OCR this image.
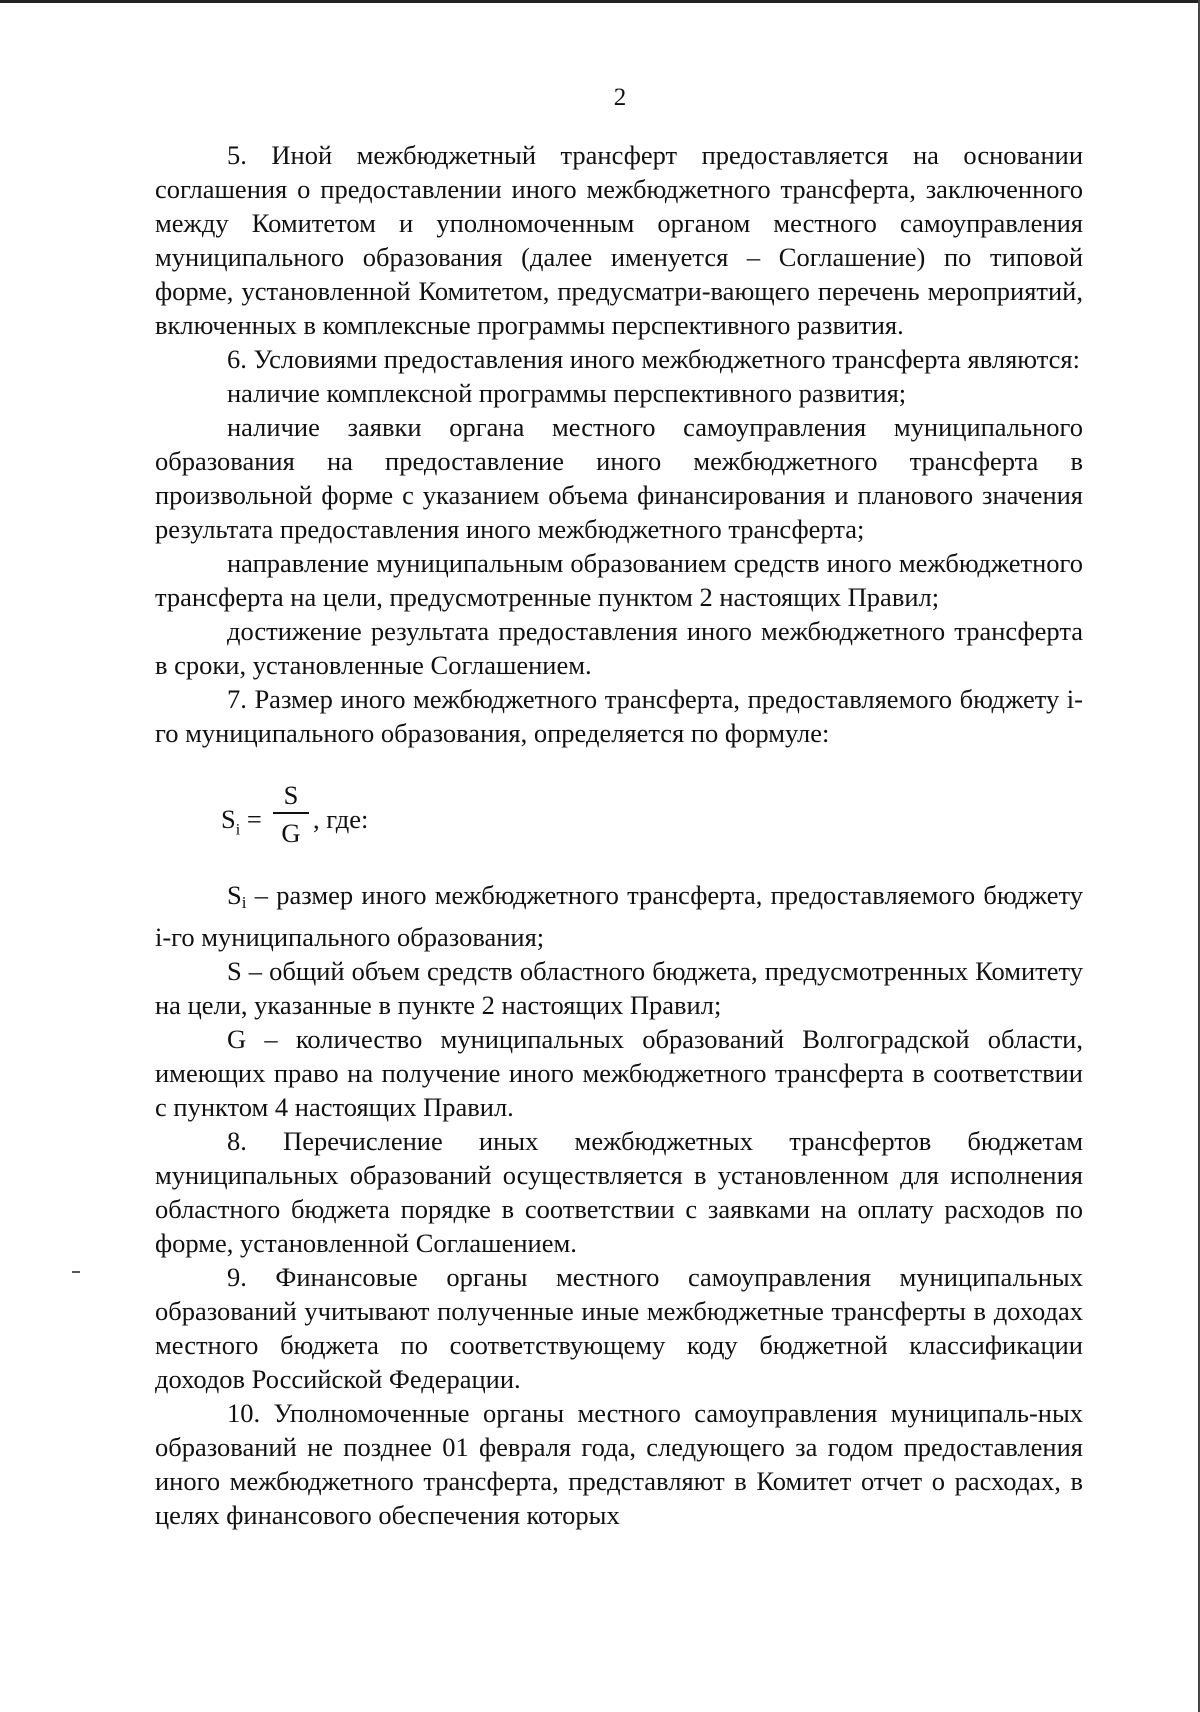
2

5. Иной межбюджетный трансферт предоставляется на основании соглашения о предоставлении иного межбюджетного трансферта, заключенного между Комитетом и уполномоченным органом местного самоуправления муниципального образования (далее именуется – Соглашение) по типовой форме, установленной Комитетом, предусматри-вающего перечень мероприятий, включенных в комплексные программы перспективного развития.

6. Условиями предоставления иного межбюджетного трансферта являются:

наличие комплексной программы перспективного развития;

наличие заявки органа местного самоуправления муниципального образования на предоставление иного межбюджетного трансферта в произвольной форме с указанием объема финансирования и планового значения результата предоставления иного межбюджетного трансферта;

направление муниципальным образованием средств иного межбюджетного трансферта на цели, предусмотренные пунктом 2 настоящих Правил;

достижение результата предоставления иного межбюджетного трансферта в сроки, установленные Соглашением.

7. Размер иного межбюджетного трансферта, предоставляемого бюджету i-го муниципального образования, определяется по формуле:

$S_i$ =
S
G , где:

Si – размер иного межбюджетного трансферта, предоставляемого бюджету i-го муниципального образования;

S – общий объем средств областного бюджета, предусмотренных Комитету на цели, указанные в пункте 2 настоящих Правил;

G – количество муниципальных образований Волгоградской области, имеющих право на получение иного межбюджетного трансферта в соответствии с пунктом 4 настоящих Правил.

8. Перечисление иных межбюджетных трансфертов бюджетам муниципальных образований осуществляется в установленном для исполнения областного бюджета порядке в соответствии с заявками на оплату расходов по форме, установленной Соглашением.

9. Финансовые органы местного самоуправления муниципальных образований учитывают полученные иные межбюджетные трансферты в доходах местного бюджета по соответствующему коду бюджетной классификации доходов Российской Федерации.

10. Уполномоченные органы местного самоуправления муниципаль-ных образований не позднее 01 февраля года, следующего за годом предоставления иного межбюджетного трансферта, представляют в Комитет отчет о расходах, в целях финансового обеспечения которых
